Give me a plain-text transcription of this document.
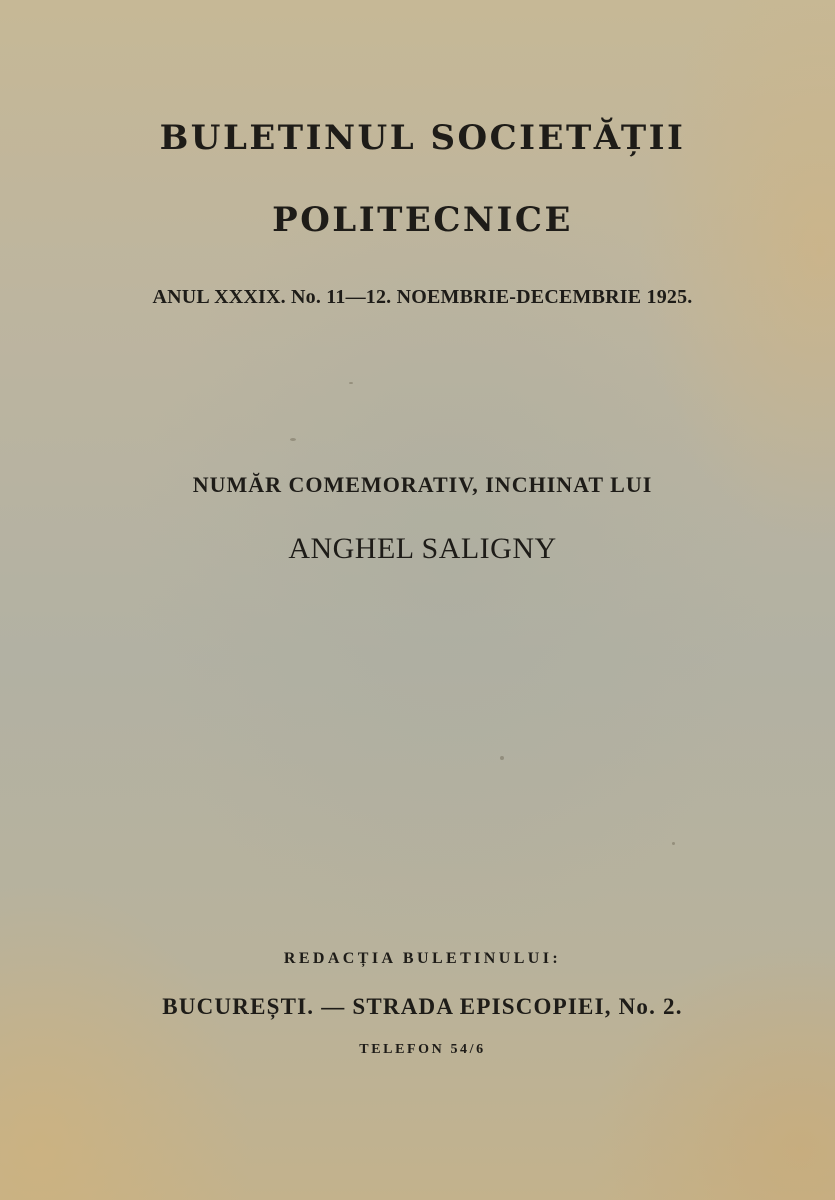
BULETINUL SOCIETĂȚII
POLITECNICE
ANUL XXXIX. No. 11—12. NOEMBRIE-DECEMBRIE 1925.
NUMĂR COMEMORATIV, INCHINAT LUI
ANGHEL SALIGNY
REDACȚIA BULETINULUI:
BUCUREȘTI. — STRADA EPISCOPIEI, No. 2.
TELEFON 54/6
